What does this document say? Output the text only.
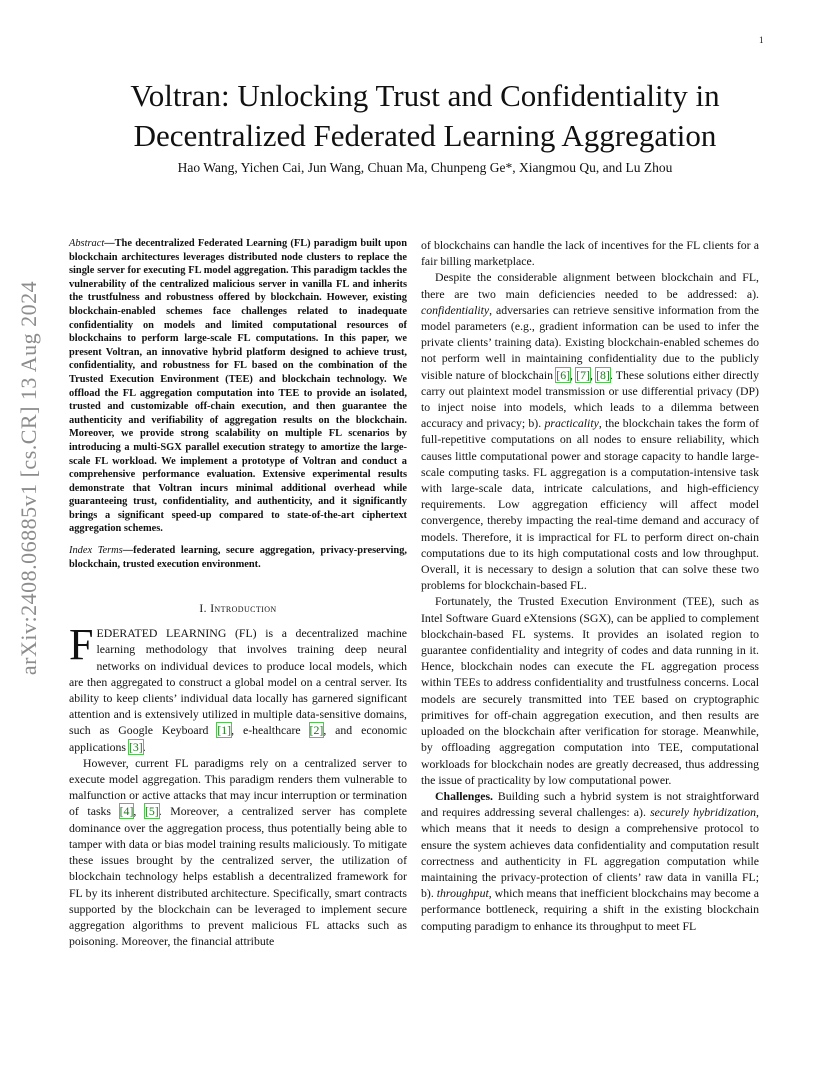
1
arXiv:2408.06885v1 [cs.CR] 13 Aug 2024
Voltran: Unlocking Trust and Confidentiality in
Decentralized Federated Learning Aggregation
Hao Wang, Yichen Cai, Jun Wang, Chuan Ma, Chunpeng Ge*, Xiangmou Qu, and Lu Zhou

Abstract—The decentralized Federated Learning (FL) paradigm built upon blockchain architectures leverages distributed node clusters to replace the single server for executing FL model aggregation. This paradigm tackles the vulnerability of the centralized malicious server in vanilla FL and inherits the trustfulness and robustness offered by blockchain. However, existing blockchain-enabled schemes face challenges related to inadequate confidentiality on models and limited computational resources of blockchains to perform large-scale FL computations. In this paper, we present Voltran, an innovative hybrid platform designed to achieve trust, confidentiality, and robustness for FL based on the combination of the Trusted Execution Environment (TEE) and blockchain technology. We offload the FL aggregation computation into TEE to provide an isolated, trusted and customizable off-chain execution, and then guarantee the authenticity and verifiability of aggregation results on the blockchain. Moreover, we provide strong scalability on multiple FL scenarios by introducing a multi-SGX parallel execution strategy to amortize the large-scale FL workload. We implement a prototype of Voltran and conduct a comprehensive performance evaluation. Extensive experimental results demonstrate that Voltran incurs minimal additional overhead while guaranteeing trust, confidentiality, and authenticity, and it significantly brings a significant speed-up compared to state-of-the-art ciphertext aggregation schemes.

Index Terms—federated learning, secure aggregation, privacy-preserving, blockchain, trusted execution environment.

I. Introduction

FEDERATED LEARNING (FL) is a decentralized machine learning methodology that involves training deep neural networks on individual devices to produce local models, which are then aggregated to construct a global model on a central server. Its ability to keep clients’ individual data locally has garnered significant attention and is extensively utilized in multiple data-sensitive domains, such as Google Keyboard [1], e-healthcare [2], and economic applications [3].

However, current FL paradigms rely on a centralized server to execute model aggregation. This paradigm renders them vulnerable to malfunction or active attacks that may incur interruption or termination of tasks [4], [5]. Moreover, a centralized server has complete dominance over the aggregation process, thus potentially being able to tamper with data or bias model training results maliciously. To mitigate these issues brought by the centralized server, the utilization of blockchain technology helps establish a decentralized framework for FL by its inherent distributed architecture. Specifically, smart contracts supported by the blockchain can be leveraged to implement secure aggregation algorithms to prevent malicious FL attacks such as poisoning. Moreover, the financial attribute

of blockchains can handle the lack of incentives for the FL clients for a fair billing marketplace.

Despite the considerable alignment between blockchain and FL, there are two main deficiencies needed to be addressed: a). confidentiality, adversaries can retrieve sensitive information from the model parameters (e.g., gradient information can be used to infer the private clients’ training data). Existing blockchain-enabled schemes do not perform well in maintaining confidentiality due to the publicly visible nature of blockchain [6], [7], [8]. These solutions either directly carry out plaintext model transmission or use differential privacy (DP) to inject noise into models, which leads to a dilemma between accuracy and privacy; b). practicality, the blockchain takes the form of full-repetitive computations on all nodes to ensure reliability, which causes little computational power and storage capacity to handle large-scale computing tasks. FL aggregation is a computation-intensive task with large-scale data, intricate calculations, and high-efficiency requirements. Low aggregation efficiency will affect model convergence, thereby impacting the real-time demand and accuracy of models. Therefore, it is impractical for FL to perform direct on-chain computations due to its high computational costs and low throughput. Overall, it is necessary to design a solution that can solve these two problems for blockchain-based FL.

Fortunately, the Trusted Execution Environment (TEE), such as Intel Software Guard eXtensions (SGX), can be applied to complement blockchain-based FL systems. It provides an isolated region to guarantee confidentiality and integrity of codes and data running in it. Hence, blockchain nodes can execute the FL aggregation process within TEEs to address confidentiality and trustfulness concerns. Local models are securely transmitted into TEE based on cryptographic primitives for off-chain aggregation execution, and then results are uploaded on the blockchain after verification for storage. Meanwhile, by offloading aggregation computation into TEE, computational workloads for blockchain nodes are greatly decreased, thus addressing the issue of practicality by low computational power.

Challenges. Building such a hybrid system is not straightforward and requires addressing several challenges: a). securely hybridization, which means that it needs to design a comprehensive protocol to ensure the system achieves data confidentiality and computation result correctness and authenticity in FL aggregation computation while maintaining the privacy-protection of clients’ raw data in vanilla FL; b). throughput, which means that inefficient blockchains may become a performance bottleneck, requiring a shift in the existing blockchain computing paradigm to enhance its throughput to meet FL
